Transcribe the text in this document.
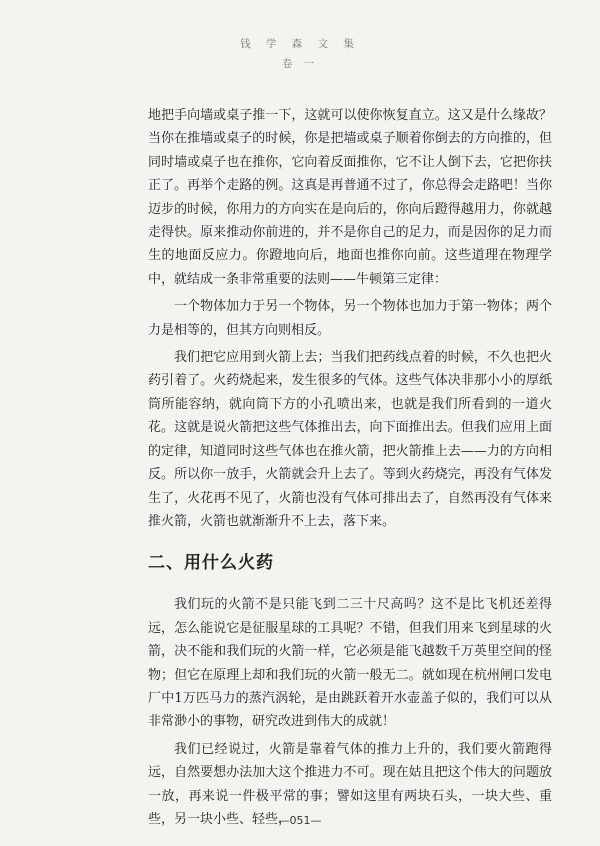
钱 学 森 文 集
卷 一

地把手向墙或桌子推一下，这就可以使你恢复直立。这又是什么缘故？当你在推墙或桌子的时候，你是把墙或桌子顺着你倒去的方向推的，但同时墙或桌子也在推你，它向着反面推你，它不让人倒下去，它把你扶正了。再举个走路的例。这真是再普通不过了，你总得会走路吧！当你迈步的时候，你用力的方向实在是向后的，你向后蹬得越用力，你就越走得快。原来推动你前进的，并不是你自己的足力，而是因你的足力而生的地面反应力。你蹬地向后，地面也推你向前。这些道理在物理学中，就结成一条非常重要的法则——牛顿第三定律：

一个物体加力于另一个物体，另一个物体也加力于第一物体；两个力是相等的，但其方向则相反。

我们把它应用到火箭上去；当我们把药线点着的时候，不久也把火药引着了。火药烧起来，发生很多的气体。这些气体决非那小小的厚纸筒所能容纳，就向筒下方的小孔喷出来，也就是我们所看到的一道火花。这就是说火箭把这些气体推出去，向下面推出去。但我们应用上面的定律，知道同时这些气体也在推火箭，把火箭推上去——力的方向相反。所以你一放手，火箭就会升上去了。等到火药烧完，再没有气体发生了，火花再不见了，火箭也没有气体可排出去了，自然再没有气体来推火箭，火箭也就渐渐升不上去，落下来。

二、用什么火药

我们玩的火箭不是只能飞到二三十尺高吗？这不是比飞机还差得远，怎么能说它是征服星球的工具呢？不错，但我们用来飞到星球的火箭，决不能和我们玩的火箭一样，它必须是能飞越数千万英里空间的怪物；但它在原理上却和我们玩的火箭一般无二。就如现在杭州闸口发电厂中1万匹马力的蒸汽涡轮，是由跳跃着开水壶盖子似的，我们可以从非常渺小的事物，研究改进到伟大的成就！

我们已经说过，火箭是靠着气体的推力上升的，我们要火箭跑得远，自然要想办法加大这个推进力不可。现在姑且把这个伟大的问题放一放，再来说一件极平常的事；譬如这里有两块石头，一块大些、重些，另一块小些、轻些，

—051—
